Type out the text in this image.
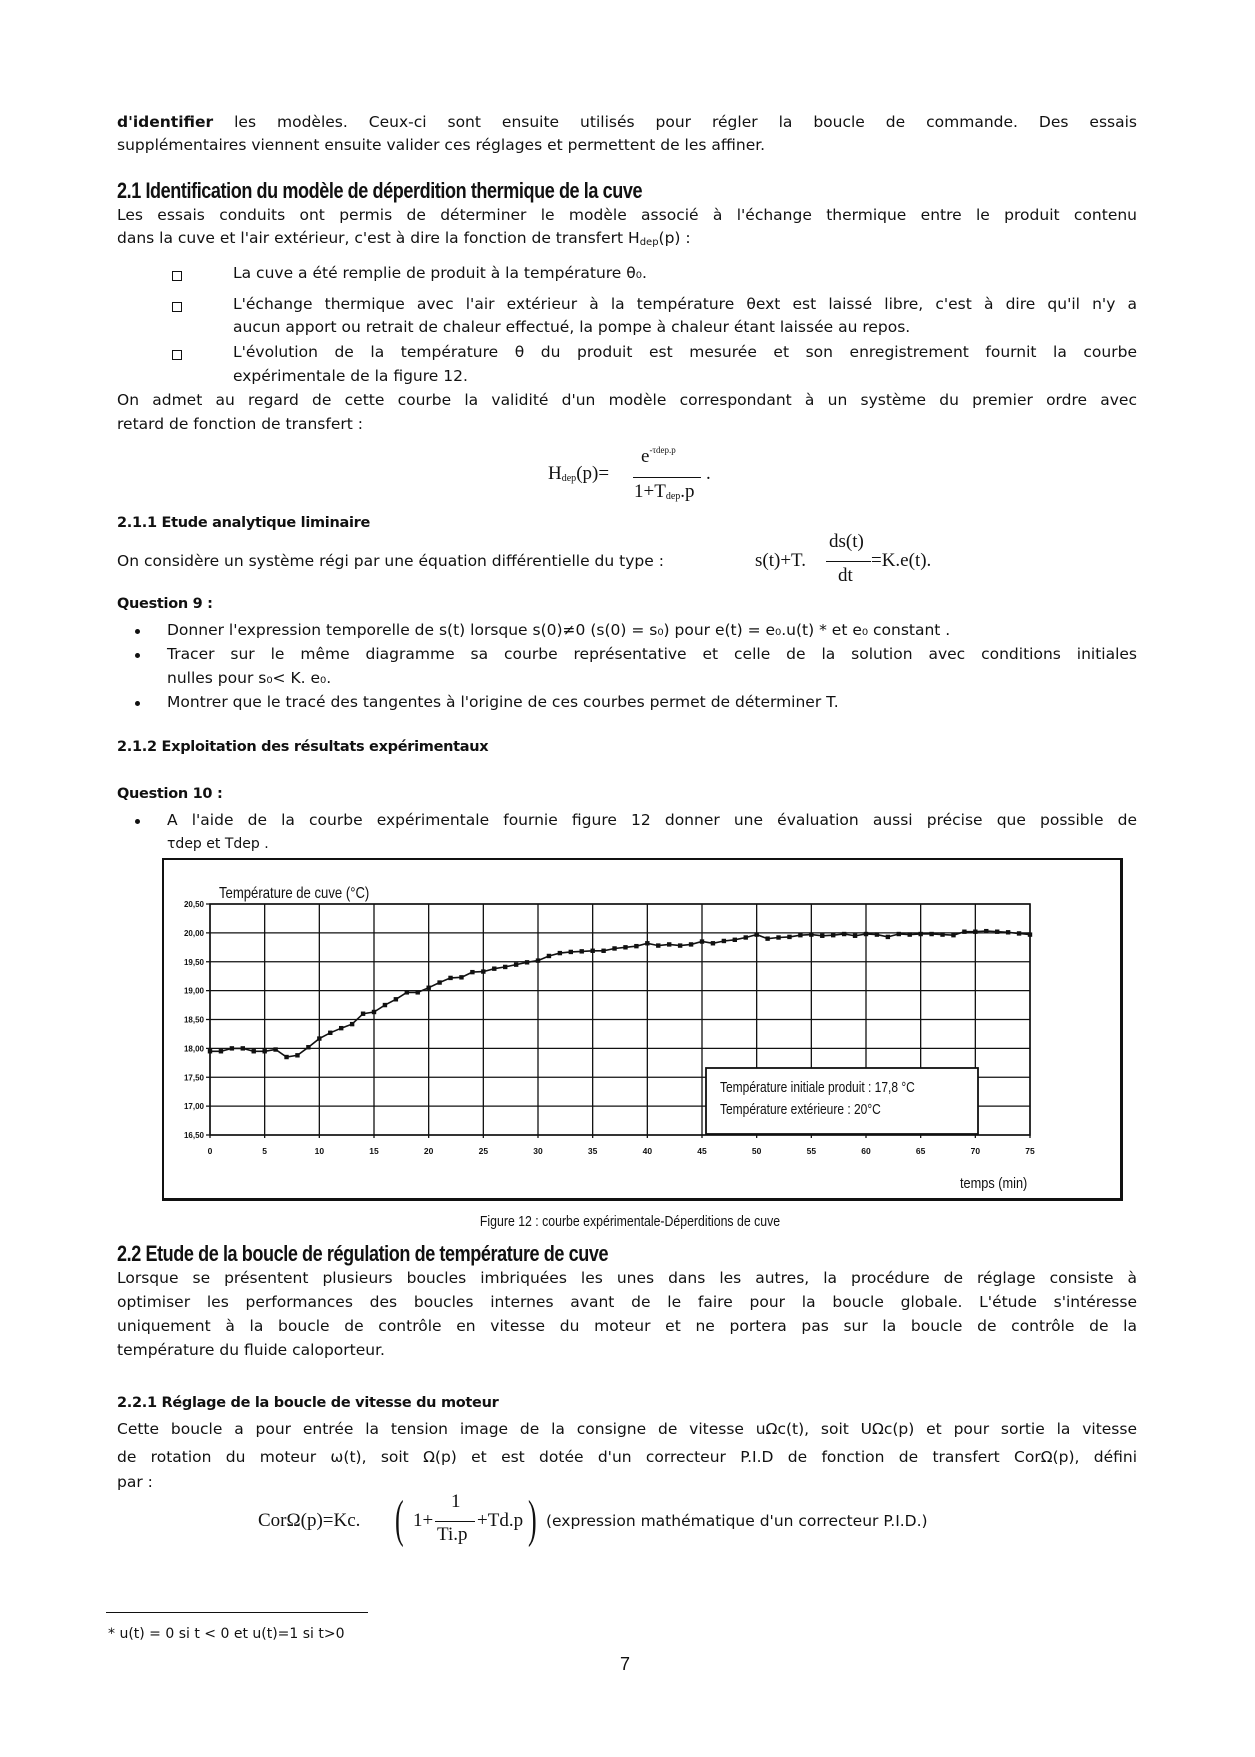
d'identifier les modèles. Ceux-ci sont ensuite utilisés pour régler la boucle de commande. Des essais
supplémentaires viennent ensuite valider ces réglages et permettent de les affiner.
2.1 Identification du modèle de déperdition thermique de la cuve
Les essais conduits ont permis de déterminer le modèle associé à l'échange thermique entre le produit contenu
dans la cuve et l'air extérieur, c'est à dire la fonction de transfert $H_{dep}(p)$ :
La cuve a été remplie de produit à la température θ₀.
L'échange thermique avec l'air extérieur à la température θext est laissé libre, c'est à dire qu'il n'y a
aucun apport ou retrait de chaleur effectué, la pompe à chaleur étant laissée au repos.
L'évolution de la température θ du produit est mesurée et son enregistrement fournit la courbe
expérimentale de la figure 12.
On admet au regard de cette courbe la validité d'un modèle correspondant à un système du premier ordre avec
retard de fonction de transfert :
$H_{dep}(p)=$
$e^{-\tau dep.p}$
$1+T_{dep}.p$
.
2.1.1 Etude analytique liminaire
On considère un système régi par une équation différentielle du type :	s(t)+T.
ds(t)
dt
=K.e(t).
Question 9 :
Donner l'expression temporelle de s(t) lorsque s(0)≠0 (s(0) = s₀) pour e(t) = e₀.u(t) * et e₀ constant .
Tracer sur le même diagramme sa courbe représentative et celle de la solution avec conditions initiales
nulles pour s₀< K. e₀.
Montrer que le tracé des tangentes à l'origine de ces courbes permet de déterminer T.
2.1.2 Exploitation des résultats expérimentaux
Question 10 :
A l'aide de la courbe expérimentale fournie figure 12 donner une évaluation aussi précise que possible de
τdep et Tdep .
16,50
17,00
17,50
18,00
18,50
19,00
19,50
20,00
20,50
0	5	10	15	20	25	30	35	40	45	50	55	60	65	70	75
Température de cuve (°C)
Température initiale produit : 17,8 °C
Température extérieure : 20°C
temps (min)
Figure 12 : courbe expérimentale-Déperditions de cuve
2.2 Etude de la boucle de régulation de température de cuve
Lorsque se présentent plusieurs boucles imbriquées les unes dans les autres, la procédure de réglage consiste à
optimiser les performances des boucles internes avant de le faire pour la boucle globale. L'étude s'intéresse
uniquement à la boucle de contrôle en vitesse du moteur et ne portera pas sur la boucle de contrôle de la
température du fluide caloporteur.
2.2.1 Réglage de la boucle de vitesse du moteur
Cette boucle a pour entrée la tension image de la consigne de vitesse uΩc(t), soit UΩc(p) et pour sortie la vitesse
de rotation du moteur ω(t), soit Ω(p) et est dotée d'un correcteur P.I.D de fonction de transfert CorΩ(p), défini
par :
CorΩ(p)=Kc. ( 1+
1
Ti.p
+Td.p ) (expression mathématique d'un correcteur P.I.D.)
* u(t) = 0 si t < 0 et u(t)=1 si t>0
7
